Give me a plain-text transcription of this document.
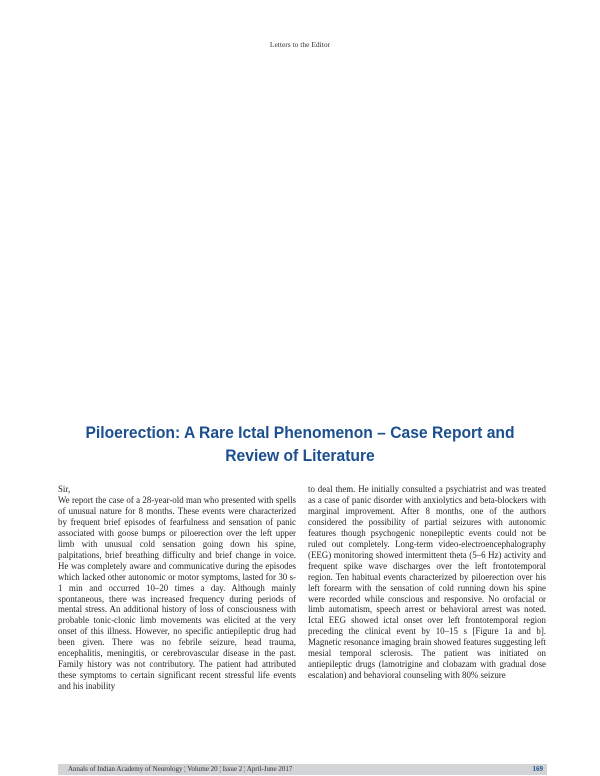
Letters to the Editor
Piloerection: A Rare Ictal Phenomenon – Case Report and
Review of Literature

Sir,

We report the case of a 28-year-old man who presented with spells of unusual nature for 8 months. These events were characterized by frequent brief episodes of fearfulness and sensation of panic associated with goose bumps or piloerection over the left upper limb with unusual cold sensation going down his spine, palpitations, brief breathing difficulty and brief change in voice. He was completely aware and communicative during the episodes which lacked other autonomic or motor symptoms, lasted for 30 s-1 min and occurred 10–20 times a day. Although mainly spontaneous, there was increased frequency during periods of mental stress. An additional history of loss of consciousness with probable tonic-clonic limb movements was elicited at the very onset of this illness. However, no specific antiepileptic drug had been given. There was no febrile seizure, head trauma, encephalitis, meningitis, or cerebrovascular disease in the past. Family history was not contributory. The patient had attributed these symptoms to certain significant recent stressful life events and his inability

to deal them. He initially consulted a psychiatrist and was treated as a case of panic disorder with anxiolytics and beta-blockers with marginal improvement. After 8 months, one of the authors considered the possibility of partial seizures with autonomic features though psychogenic nonepileptic events could not be ruled out completely. Long-term video-electroencephalography (EEG) monitoring showed intermittent theta (5–6 Hz) activity and frequent spike wave discharges over the left frontotemporal region. Ten habitual events characterized by piloerection over his left forearm with the sensation of cold running down his spine were recorded while conscious and responsive. No orofacial or limb automatism, speech arrest or behavioral arrest was noted. Ictal EEG showed ictal onset over left frontotemporal region preceding the clinical event by 10–15 s [Figure 1a and b]. Magnetic resonance imaging brain showed features suggesting left mesial temporal sclerosis. The patient was initiated on antiepileptic drugs (lamotrigine and clobazam with gradual dose escalation) and behavioral counseling with 80% seizure

Annals of Indian Academy of Neurology ¦ Volume 20 ¦ Issue 2 ¦ April-June 2017	169
